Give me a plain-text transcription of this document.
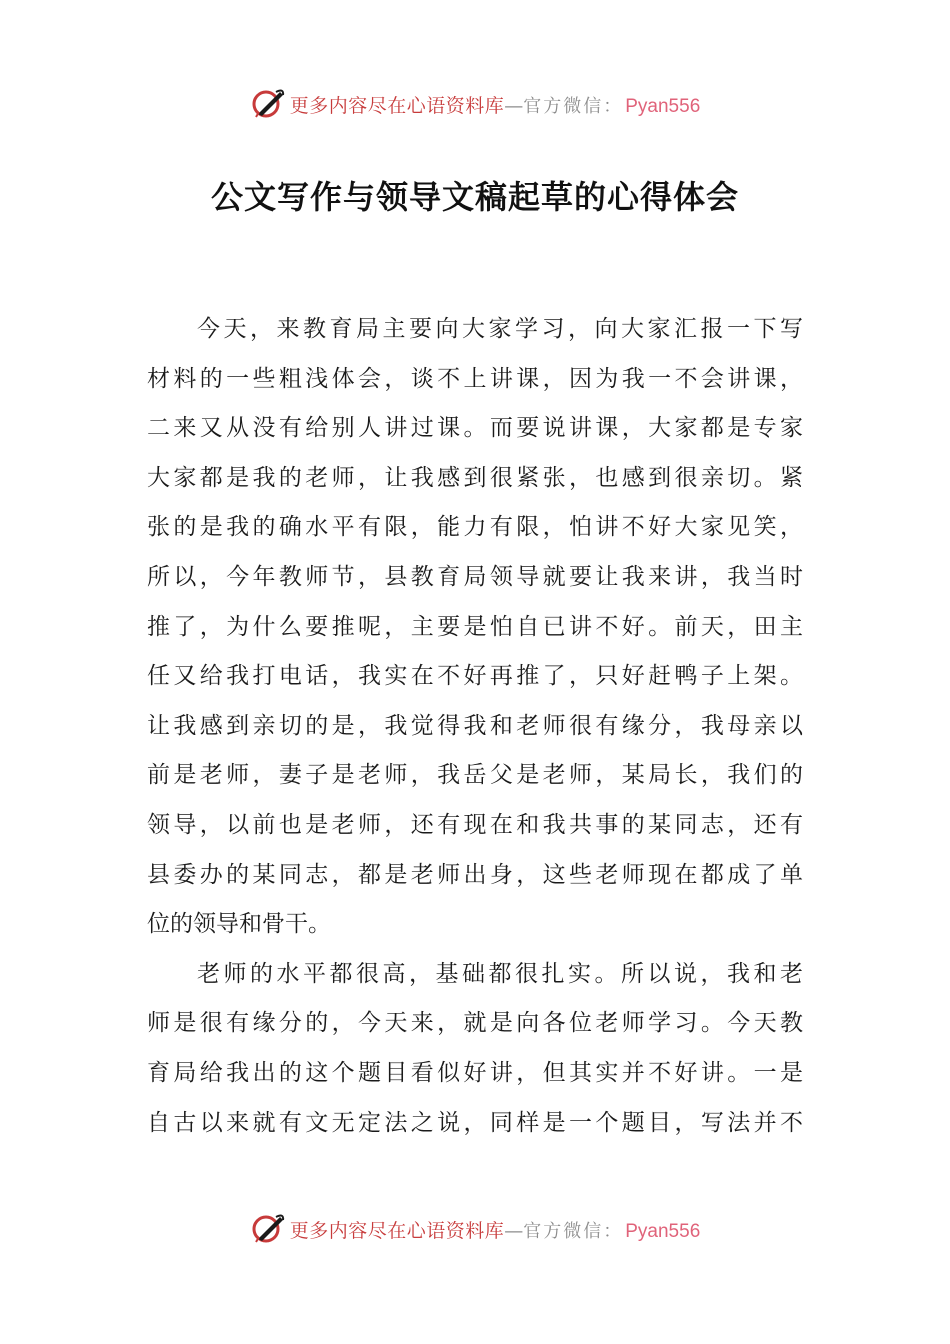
更多内容尽在心语资料库 — 官方微信： Pyan556
公文写作与领导文稿起草的心得体会
今天，来教育局主要向大家学习，向大家汇报一下写
材料的一些粗浅体会，谈不上讲课，因为我一不会讲课，
二来又从没有给别人讲过课。而要说讲课，大家都是专家
大家都是我的老师，让我感到很紧张，也感到很亲切。紧
张的是我的确水平有限，能力有限，怕讲不好大家见笑，
所以，今年教师节，县教育局领导就要让我来讲，我当时
推了，为什么要推呢，主要是怕自已讲不好。前天，田主
任又给我打电话，我实在不好再推了，只好赶鸭子上架。
让我感到亲切的是，我觉得我和老师很有缘分，我母亲以
前是老师，妻子是老师，我岳父是老师，某局长，我们的
领导，以前也是老师，还有现在和我共事的某同志，还有
县委办的某同志，都是老师出身，这些老师现在都成了单
位的领导和骨干。
老师的水平都很高，基础都很扎实。所以说，我和老
师是很有缘分的，今天来，就是向各位老师学习。今天教
育局给我出的这个题目看似好讲，但其实并不好讲。一是
自古以来就有文无定法之说，同样是一个题目，写法并不
更多内容尽在心语资料库 — 官方微信： Pyan556
